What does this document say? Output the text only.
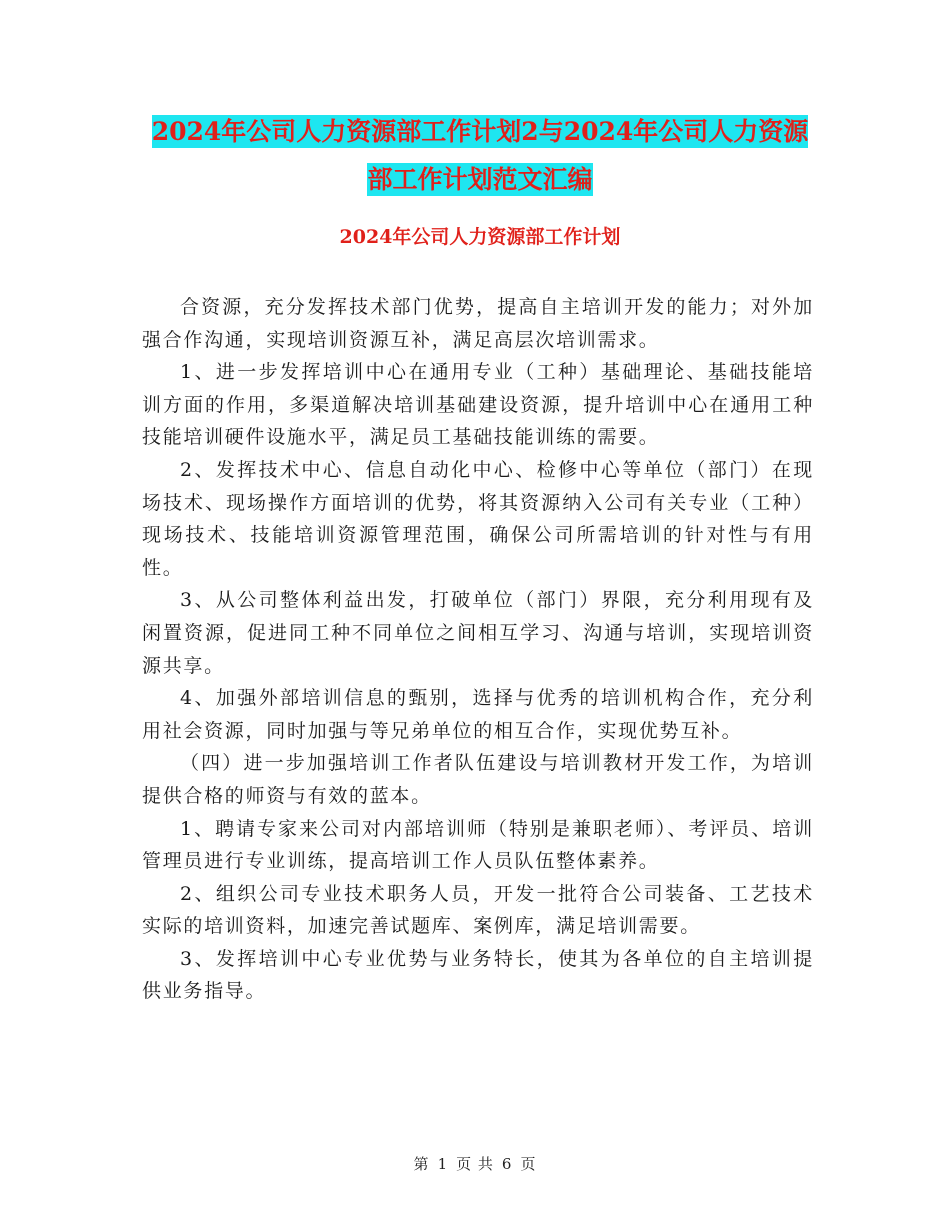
2024年公司人力资源部工作计划2与2024年公司人力资源部工作计划范文汇编
2024年公司人力资源部工作计划

合资源，充分发挥技术部门优势，提高自主培训开发的能力；对外加强合作沟通，实现培训资源互补，满足高层次培训需求。

1、进一步发挥培训中心在通用专业（工种）基础理论、基础技能培训方面的作用，多渠道解决培训基础建设资源，提升培训中心在通用工种技能培训硬件设施水平，满足员工基础技能训练的需要。

2、发挥技术中心、信息自动化中心、检修中心等单位（部门）在现场技术、现场操作方面培训的优势，将其资源纳入公司有关专业（工种）现场技术、技能培训资源管理范围，确保公司所需培训的针对性与有用性。

3、从公司整体利益出发，打破单位（部门）界限，充分利用现有及闲置资源，促进同工种不同单位之间相互学习、沟通与培训，实现培训资源共享。

4、加强外部培训信息的甄别，选择与优秀的培训机构合作，充分利用社会资源，同时加强与等兄弟单位的相互合作，实现优势互补。

（四）进一步加强培训工作者队伍建设与培训教材开发工作，为培训提供合格的师资与有效的蓝本。

1、聘请专家来公司对内部培训师（特别是兼职老师）、考评员、培训管理员进行专业训练，提高培训工作人员队伍整体素养。

2、组织公司专业技术职务人员，开发一批符合公司装备、工艺技术实际的培训资料，加速完善试题库、案例库，满足培训需要。

3、发挥培训中心专业优势与业务特长，使其为各单位的自主培训提供业务指导。

第 1 页 共 6 页
